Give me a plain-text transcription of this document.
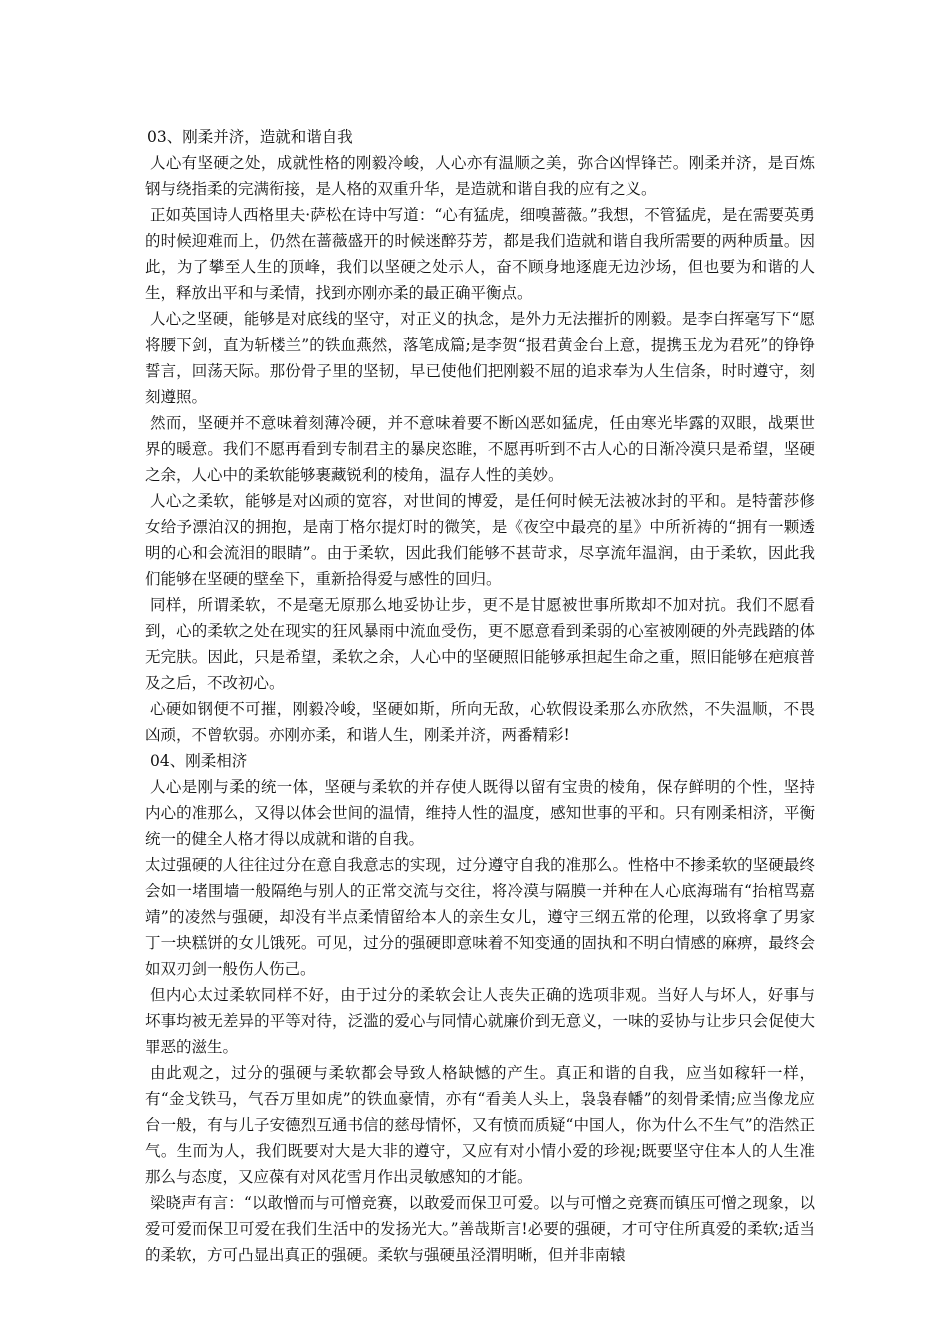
03、刚柔并济，造就和谐自我

人心有坚硬之处，成就性格的刚毅冷峻，人心亦有温顺之美，弥合凶悍锋芒。刚柔并济，是百炼钢与绕指柔的完满衔接，是人格的双重升华，是造就和谐自我的应有之义。

正如英国诗人西格里夫·萨松在诗中写道：“心有猛虎，细嗅蔷薇。”我想，不管猛虎，是在需要英勇的时候迎难而上，仍然在蔷薇盛开的时候迷醉芬芳，都是我们造就和谐自我所需要的两种质量。因此，为了攀至人生的顶峰，我们以坚硬之处示人，奋不顾身地逐鹿无边沙场，但也要为和谐的人生，释放出平和与柔情，找到亦刚亦柔的最正确平衡点。

人心之坚硬，能够是对底线的坚守，对正义的执念，是外力无法摧折的刚毅。是李白挥毫写下“愿将腰下剑，直为斩楼兰”的铁血燕然，落笔成篇;是李贺“报君黄金台上意，提携玉龙为君死”的铮铮誓言，回荡天际。那份骨子里的坚韧，早已使他们把刚毅不屈的追求奉为人生信条，时时遵守，刻刻遵照。

然而，坚硬并不意味着刻薄冷硬，并不意味着要不断凶恶如猛虎，任由寒光毕露的双眼，战栗世界的暖意。我们不愿再看到专制君主的暴戾恣睢，不愿再听到不古人心的日渐冷漠只是希望，坚硬之余，人心中的柔软能够裹藏锐利的棱角，温存人性的美妙。

人心之柔软，能够是对凶顽的宽容，对世间的博爱，是任何时候无法被冰封的平和。是特蕾莎修女给予漂泊汉的拥抱，是南丁格尔提灯时的微笑，是《夜空中最亮的星》中所祈祷的“拥有一颗透明的心和会流泪的眼睛”。由于柔软，因此我们能够不甚苛求，尽享流年温润，由于柔软，因此我们能够在坚硬的壁垒下，重新拾得爱与感性的回归。

同样，所谓柔软，不是毫无原那么地妥协让步，更不是甘愿被世事所欺却不加对抗。我们不愿看到，心的柔软之处在现实的狂风暴雨中流血受伤，更不愿意看到柔弱的心室被刚硬的外壳践踏的体无完肤。因此，只是希望，柔软之余，人心中的坚硬照旧能够承担起生命之重，照旧能够在疤痕普及之后，不改初心。

心硬如钢便不可摧，刚毅冷峻，坚硬如斯，所向无敌，心软假设柔那么亦欣然，不失温顺，不畏凶顽，不曾软弱。亦刚亦柔，和谐人生，刚柔并济，两番精彩!

04、刚柔相济

人心是刚与柔的统一体，坚硬与柔软的并存使人既得以留有宝贵的棱角，保存鲜明的个性，坚持内心的准那么，又得以体会世间的温情，维持人性的温度，感知世事的平和。只有刚柔相济，平衡统一的健全人格才得以成就和谐的自我。

太过强硬的人往往过分在意自我意志的实现，过分遵守自我的准那么。性格中不掺柔软的坚硬最终会如一堵围墙一般隔绝与别人的正常交流与交往，将冷漠与隔膜一并种在人心底海瑞有“抬棺骂嘉靖”的凌然与强硬，却没有半点柔情留给本人的亲生女儿，遵守三纲五常的伦理，以致将拿了男家丁一块糕饼的女儿饿死。可见，过分的强硬即意味着不知变通的固执和不明白情感的麻痹，最终会如双刃剑一般伤人伤己。

但内心太过柔软同样不好，由于过分的柔软会让人丧失正确的选项非观。当好人与坏人，好事与坏事均被无差异的平等对待，泛滥的爱心与同情心就廉价到无意义，一味的妥协与让步只会促使大罪恶的滋生。

由此观之，过分的强硬与柔软都会导致人格缺憾的产生。真正和谐的自我，应当如稼轩一样，有“金戈铁马，气吞万里如虎”的铁血豪情，亦有“看美人头上，袅袅春幡”的刻骨柔情;应当像龙应台一般，有与儿子安德烈互通书信的慈母情怀，又有愤而质疑“中国人，你为什么不生气”的浩然正气。生而为人，我们既要对大是大非的遵守，又应有对小情小爱的珍视;既要坚守住本人的人生准那么与态度，又应葆有对风花雪月作出灵敏感知的才能。

梁晓声有言：“以敢憎而与可憎竞赛，以敢爱而保卫可爱。以与可憎之竞赛而镇压可憎之现象，以爱可爱而保卫可爱在我们生活中的发扬光大。”善哉斯言!必要的强硬，才可守住所真爱的柔软;适当的柔软，方可凸显出真正的强硬。柔软与强硬虽泾渭明晰，但并非南辕
